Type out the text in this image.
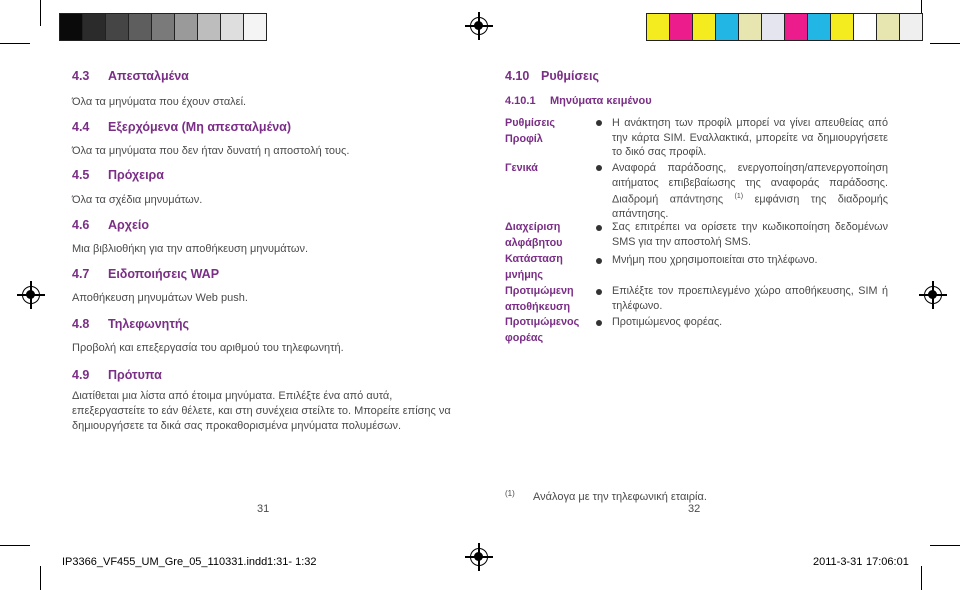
4.3 Απεσταλμένα
Όλα τα μηνύματα που έχουν σταλεί.
4.4 Εξερχόμενα (Μη απεσταλμένα)
Όλα τα μηνύματα που δεν ήταν δυνατή η αποστολή τους.
4.5 Πρόχειρα
Όλα τα σχέδια μηνυμάτων.
4.6 Αρχείο
Μια βιβλιοθήκη για την αποθήκευση μηνυμάτων.
4.7 Ειδοποιήσεις WAP
Αποθήκευση μηνυμάτων Web push.
4.8 Τηλεφωνητής
Προβολή και επεξεργασία του αριθμού του τηλεφωνητή.
4.9 Πρότυπα
Διατίθεται μια λίστα από έτοιμα μηνύματα. Επιλέξτε ένα από αυτά, επεξεργαστείτε το εάν θέλετε, και στη συνέχεια στείλτε το. Μπορείτε επίσης να δημιουργήσετε τα δικά σας προκαθορισμένα μηνύματα πολυμέσων.
31
4.10 Ρυθμίσεις
4.10.1 Μηνύματα κειμένου
Ρυθμίσεις Προφίλ
Η ανάκτηση των προφίλ μπορεί να γίνει απευθείας από την κάρτα SIM. Εναλλακτικά, μπορείτε να δημιουργήσετε το δικό σας προφίλ.
Γενικά	Αναφορά παράδοσης, ενεργοποίηση/απενεργοποίηση αιτήματος επιβεβαίωσης της αναφοράς παράδοσης. Διαδρομή απάντησης $^{(1)}$ εμφάνιση της διαδρομής απάντησης.
Διαχείριση αλφάβητου
Σας επιτρέπει να ορίσετε την κωδικοποίηση δεδομένων SMS για την αποστολή SMS.
Κατάσταση μνήμης
Μνήμη που χρησιμοποιείται στο τηλέφωνο.
Προτιμώμενη αποθήκευση
Επιλέξτε τον προεπιλεγμένο χώρο αποθήκευσης, SIM ή τηλέφωνο.
Προτιμώμενος φορέας
Προτιμώμενος φορέας.
(1) Ανάλογα με την τηλεφωνική εταιρία.
32
IP3366_VF455_UM_Gre_05_110331.indd 1:31- 1:32	2011-3-31 17:06:01
